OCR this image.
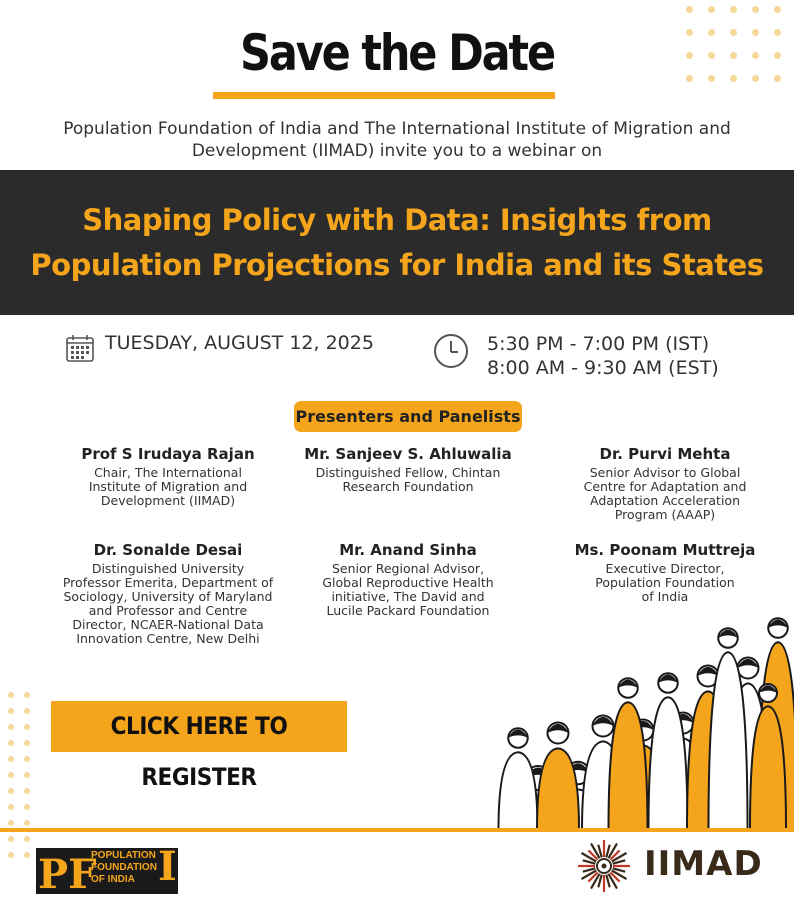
Save the Date
Population Foundation of India and The International Institute of Migration and Development (IIMAD) invite you to a webinar on
Shaping Policy with Data: Insights from
Population Projections for India and its States
TUESDAY, AUGUST 12, 2025	5:30 PM - 7:00 PM (IST)
8:00 AM - 9:30 AM (EST)
Presenters and Panelists
Prof S Irudaya Rajan
Chair, The International
Institute of Migration and
Development (IIMAD)
Mr. Sanjeev S. Ahluwalia
Distinguished Fellow, Chintan
Research Foundation
Dr. Purvi Mehta
Senior Advisor to Global
Centre for Adaptation and
Adaptation Acceleration
Program (AAAP)
Dr. Sonalde Desai
Distinguished University
Professor Emerita, Department of
Sociology, University of Maryland
and Professor and Centre
Director, NCAER-National Data
Innovation Centre, New Delhi
Mr. Anand Sinha
Senior Regional Advisor,
Global Reproductive Health
initiative, The David and
Lucile Packard Foundation
Ms. Poonam Muttreja
Executive Director,
Population Foundation
of India
CLICK HERE TO REGISTER
PF I
POPULATION
FOUNDATION
OF INDIA	IIMAD
